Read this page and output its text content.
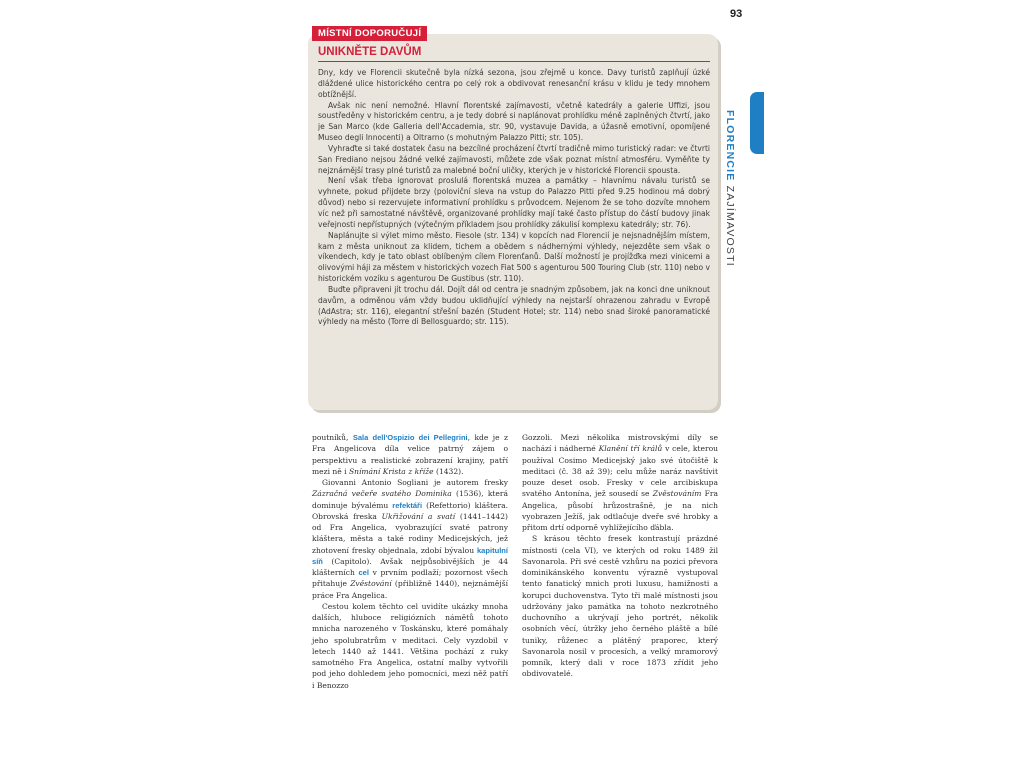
93
FLORENCIE ZAJÍMAVOSTI
MÍSTNÍ DOPORUČUJÍ
UNIKNĚTE DAVŮM

Dny, kdy ve Florencii skutečně byla nízká sezona, jsou zřejmě u konce. Davy turistů zaplňují úzké dláždené ulice historického centra po celý rok a obdivovat renesanční krásu v klidu je tedy mnohem obtížnější.

Avšak nic není nemožné. Hlavní florentské zajímavosti, včetně katedrály a galerie Uffizi, jsou soustředěny v historickém centru, a je tedy dobré si naplánovat prohlídku méně zaplněných čtvrtí, jako je San Marco (kde Galleria dell'Accademia, str. 90, vystavuje Davida, a úžasně emotivní, opomíjené Museo degli Innocenti) a Oltrarno (s mohutným Palazzo Pitti; str. 105).

Vyhraďte si také dostatek času na bezcílné procházení čtvrtí tradičně mimo turistický radar: ve čtvrti San Frediano nejsou žádné velké zajímavosti, můžete zde však poznat místní atmosféru. Vyměňte ty nejznámější trasy plné turistů za malebné boční uličky, kterých je v historické Florencii spousta.

Není však třeba ignorovat proslulá florentská muzea a památky – hlavnímu návalu turistů se vyhnete, pokud přijdete brzy (poloviční sleva na vstup do Palazzo Pitti před 9.25 hodinou má dobrý důvod) nebo si rezervujete informativní prohlídku s průvodcem. Nejenom že se toho dozvíte mnohem víc než při samostatné návštěvě, organizované prohlídky mají také často přístup do částí budovy jinak veřejnosti nepřístupných (výtečným příkladem jsou prohlídky zákulisí komplexu katedrály; str. 76).

Naplánujte si výlet mimo město. Fiesole (str. 134) v kopcích nad Florencií je nejsnadnějším místem, kam z města uniknout za klidem, tichem a obědem s nádhernými výhledy, nejezděte sem však o víkendech, kdy je tato oblast oblíbeným cílem Florenťanů. Další možností je projížďka mezi vinicemi a olivovými háji za městem v historických vozech Fiat 500 s agenturou 500 Touring Club (str. 110) nebo v historickém vozíku s agenturou De Gustibus (str. 110).

Buďte připraveni jít trochu dál. Dojít dál od centra je snadným způsobem, jak na konci dne uniknout davům, a odměnou vám vždy budou uklidňující výhledy na nejstarší ohrazenou zahradu v Evropě (AdAstra; str. 116), elegantní střešní bazén (Student Hotel; str. 114) nebo snad široké panoramatické výhledy na město (Torre di Bellosguardo; str. 115).

poutníků, Sala dell'Ospizio dei Pellegrini, kde je z Fra Angelicova díla velice patrný zájem o perspektivu a realistické zobrazení krajiny, patří mezi ně i Snímání Krista z kříže (1432).

Giovanni Antonio Sogliani je autorem fresky Zázračná večeře svatého Dominika (1536), která dominuje bývalému refektáři (Refettorio) kláštera. Obrovská freska Ukřižování a svatí (1441–1442) od Fra Angelica, vyobrazující svaté patrony kláštera, města a také rodiny Medicejských, jež zhotovení fresky objednala, zdobí bývalou kapitulní síň (Capitolo). Avšak nejpůsobivějších je 44 klášterních cel v prvním podlaží; pozornost všech přitahuje Zvěstování (přibližně 1440), nejznámější práce Fra Angelica.

Cestou kolem těchto cel uvidíte ukázky mnoha dalších, hluboce religiózních námětů tohoto mnicha narozeného v Toskánsku, které pomáhaly jeho spolubratrům v meditaci. Cely vyzdobil v letech 1440 až 1441. Většina pochází z ruky samotného Fra Angelica, ostatní malby vytvořili pod jeho dohledem jeho pomocníci, mezi něž patří i Benozzo

Gozzoli. Mezi několika mistrovskými díly se nachází i nádherné Klanění tří králů v cele, kterou používal Cosimo Medicejský jako své útočiště k meditaci (č. 38 až 39); celu může naráz navštívit pouze deset osob. Fresky v cele arcibiskupa svatého Antonína, jež sousedí se Zvěstováním Fra Angelica, působí hrůzostrašně, je na nich vyobrazen Ježíš, jak odtlačuje dveře své hrobky a přitom drtí odporně vyhlížejícího ďábla.

S krásou těchto fresek kontrastují prázdné místnosti (cela VI), ve kterých od roku 1489 žil Savonarola. Při své cestě vzhůru na pozici převora dominikánského konventu výrazně vystupoval tento fanatický mnich proti luxusu, hamižnosti a korupci duchovenstva. Tyto tři malé místnosti jsou udržovány jako památka na tohoto nezkrotného duchovního a ukrývají jeho portrét, několik osobních věcí, útržky jeho černého pláště a bílé tuniky, růženec a plátěný praporec, který Savonarola nosil v procesích, a velký mramorový pomník, který dali v roce 1873 zřídit jeho obdivovatelé.
